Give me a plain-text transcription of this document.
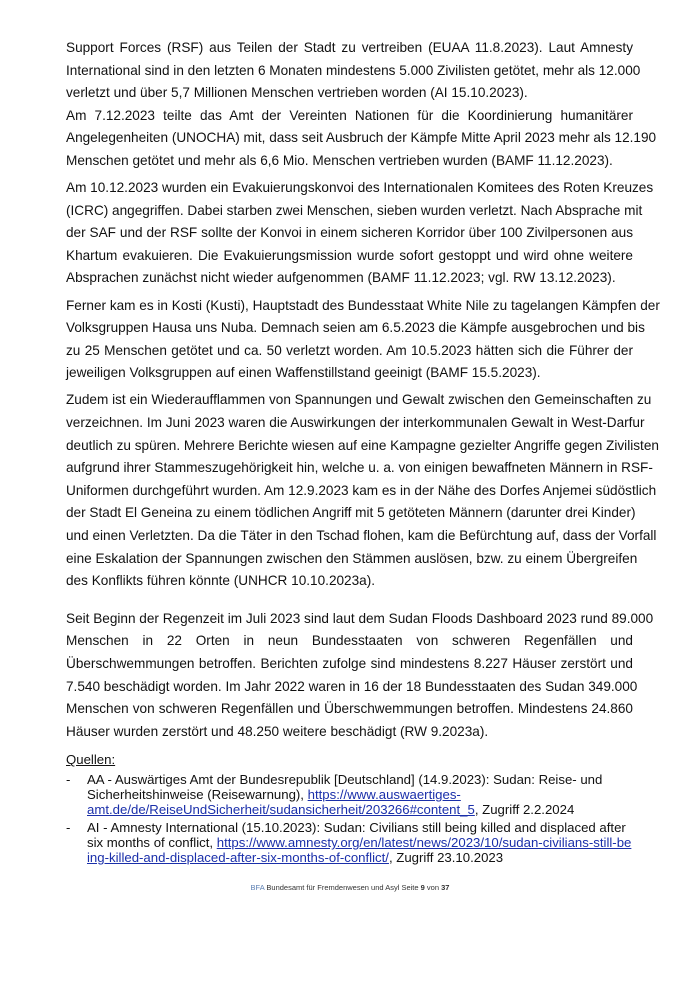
Support Forces (RSF) aus Teilen der Stadt zu vertreiben (EUAA 11.8.2023). Laut Amnesty
International sind in den letzten 6 Monaten mindestens 5.000 Zivilisten getötet, mehr als 12.000
verletzt und über 5,7 Millionen Menschen vertrieben worden (AI 15.10.2023).
Am 7.12.2023 teilte das Amt der Vereinten Nationen für die Koordinierung humanitärer
Angelegenheiten (UNOCHA) mit, dass seit Ausbruch der Kämpfe Mitte April 2023 mehr als 12.190
Menschen getötet und mehr als 6,6 Mio. Menschen vertrieben wurden (BAMF 11.12.2023).
Am 10.12.2023 wurden ein Evakuierungskonvoi des Internationalen Komitees des Roten Kreuzes
(ICRC) angegriffen. Dabei starben zwei Menschen, sieben wurden verletzt. Nach Absprache mit
der SAF und der RSF sollte der Konvoi in einem sicheren Korridor über 100 Zivilpersonen aus
Khartum evakuieren. Die Evakuierungsmission wurde sofort gestoppt und wird ohne weitere
Absprachen zunächst nicht wieder aufgenommen (BAMF 11.12.2023; vgl. RW 13.12.2023).
Ferner kam es in Kosti (Kusti), Hauptstadt des Bundesstaat White Nile zu tagelangen Kämpfen der
Volksgruppen Hausa uns Nuba. Demnach seien am 6.5.2023 die Kämpfe ausgebrochen und bis
zu 25 Menschen getötet und ca. 50 verletzt worden. Am 10.5.2023 hätten sich die Führer der
jeweiligen Volksgruppen auf einen Waffenstillstand geeinigt (BAMF 15.5.2023).
Zudem ist ein Wiederaufflammen von Spannungen und Gewalt zwischen den Gemeinschaften zu
verzeichnen. Im Juni 2023 waren die Auswirkungen der interkommunalen Gewalt in West-Darfur
deutlich zu spüren. Mehrere Berichte wiesen auf eine Kampagne gezielter Angriffe gegen Zivilisten
aufgrund ihrer Stammeszugehörigkeit hin, welche u. a. von einigen bewaffneten Männern in RSF-
Uniformen durchgeführt wurden. Am 12.9.2023 kam es in der Nähe des Dorfes Anjemei südöstlich
der Stadt El Geneina zu einem tödlichen Angriff mit 5 getöteten Männern (darunter drei Kinder)
und einen Verletzten. Da die Täter in den Tschad flohen, kam die Befürchtung auf, dass der Vorfall
eine Eskalation der Spannungen zwischen den Stämmen auslösen, bzw. zu einem Übergreifen
des Konflikts führen könnte (UNHCR 10.10.2023a).
Seit Beginn der Regenzeit im Juli 2023 sind laut dem Sudan Floods Dashboard 2023 rund 89.000
Menschen in 22 Orten in neun Bundesstaaten von schweren Regenfällen und
Überschwemmungen betroffen. Berichten zufolge sind mindestens 8.227 Häuser zerstört und
7.540 beschädigt worden. Im Jahr 2022 waren in 16 der 18 Bundesstaaten des Sudan 349.000
Menschen von schweren Regenfällen und Überschwemmungen betroffen. Mindestens 24.860
Häuser wurden zerstört und 48.250 weitere beschädigt (RW 9.2023a).
Quellen:
- AA - Auswärtiges Amt der Bundesrepublik [Deutschland] (14.9.2023): Sudan: Reise- und Sicherheitshinweise (Reisewarnung), https://www.auswaertiges-amt.de/de/ReiseUndSicherheit/sudansicherheit/203266#content_5, Zugriff 2.2.2024
- AI - Amnesty International (15.10.2023): Sudan: Civilians still being killed and displaced after six months of conflict, https://www.amnesty.org/en/latest/news/2023/10/sudan-civilians-still-being-killed-and-displaced-after-six-months-of-conflict/, Zugriff 23.10.2023
BFA Bundesamt für Fremdenwesen und Asyl Seite 9 von 37
